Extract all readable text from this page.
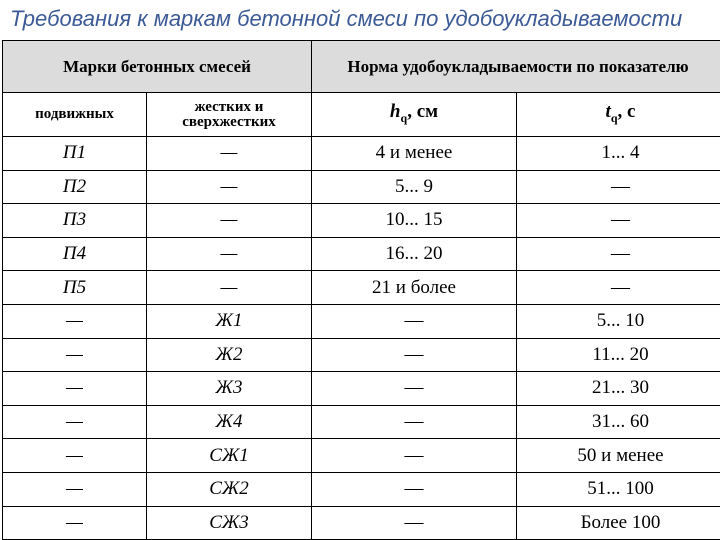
Требования к маркам бетонной смеси по удобоукладываемости
Марки бетонных смесей		Норма удобоукладываемости по показателю	
подвижных	жестких и сверхжестких	$h_q$, см	$t_q$, с
П1	—	4 и менее	1... 4
П2	—	5... 9	—
П3	—	10... 15	—
П4	—	16... 20	—
П5	—	21 и более	—
—	Ж1	—	5... 10
—	Ж2	—	11... 20
—	Ж3	—	21... 30
—	Ж4	—	31... 60
—	СЖ1	—	50 и менее
—	СЖ2	—	51... 100
—	СЖ3	—	Более 100
